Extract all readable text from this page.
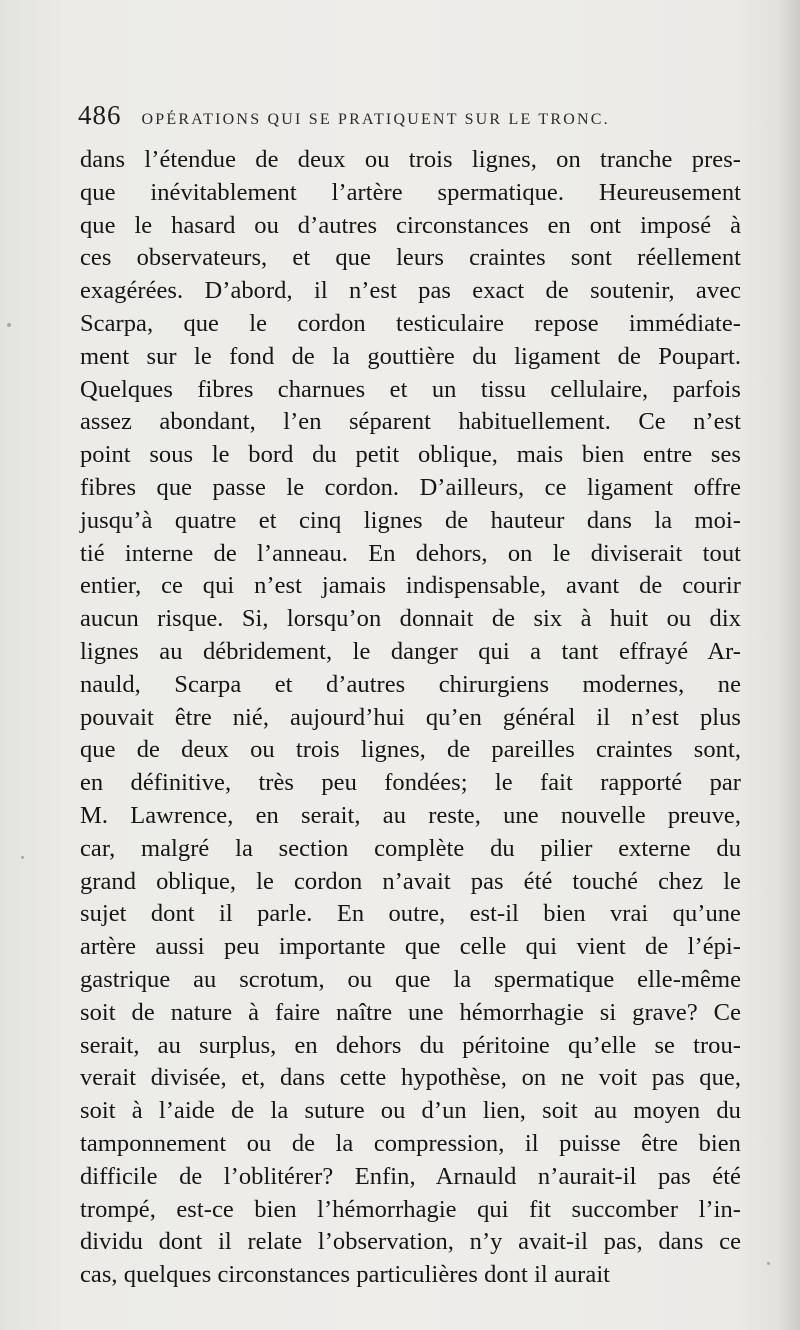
486 OPÉRATIONS QUI SE PRATIQUENT SUR LE TRONC.
dans l’étendue de deux ou trois lignes, on tranche pres-
que inévitablement l’artère spermatique. Heureusement
que le hasard ou d’autres circonstances en ont imposé à
ces observateurs, et que leurs craintes sont réellement
exagérées. D’abord, il n’est pas exact de soutenir, avec
Scarpa, que le cordon testiculaire repose immédiate-
ment sur le fond de la gouttière du ligament de Poupart.
Quelques fibres charnues et un tissu cellulaire, parfois
assez abondant, l’en séparent habituellement. Ce n’est
point sous le bord du petit oblique, mais bien entre ses
fibres que passe le cordon. D’ailleurs, ce ligament offre
jusqu’à quatre et cinq lignes de hauteur dans la moi-
tié interne de l’anneau. En dehors, on le diviserait tout
entier, ce qui n’est jamais indispensable, avant de courir
aucun risque. Si, lorsqu’on donnait de six à huit ou dix
lignes au débridement, le danger qui a tant effrayé Ar-
nauld, Scarpa et d’autres chirurgiens modernes, ne
pouvait être nié, aujourd’hui qu’en général il n’est plus
que de deux ou trois lignes, de pareilles craintes sont,
en définitive, très peu fondées; le fait rapporté par
M. Lawrence, en serait, au reste, une nouvelle preuve,
car, malgré la section complète du pilier externe du
grand oblique, le cordon n’avait pas été touché chez le
sujet dont il parle. En outre, est-il bien vrai qu’une
artère aussi peu importante que celle qui vient de l’épi-
gastrique au scrotum, ou que la spermatique elle-même
soit de nature à faire naître une hémorrhagie si grave? Ce
serait, au surplus, en dehors du péritoine qu’elle se trou-
verait divisée, et, dans cette hypothèse, on ne voit pas que,
soit à l’aide de la suture ou d’un lien, soit au moyen du
tamponnement ou de la compression, il puisse être bien
difficile de l’oblitérer? Enfin, Arnauld n’aurait-il pas été
trompé, est-ce bien l’hémorrhagie qui fit succomber l’in-
dividu dont il relate l’observation, n’y avait-il pas, dans ce
cas, quelques circonstances particulières dont il aurait
